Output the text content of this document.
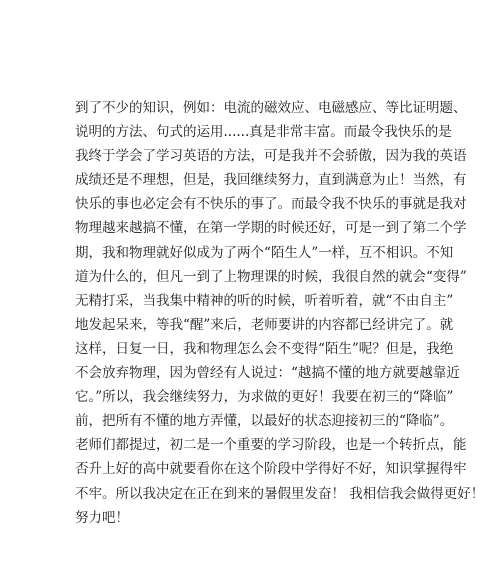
到了不少的知识，例如：电流的磁效应、电磁感应、等比证明题、
说明的方法、句式的运用......真是非常丰富。而最令我快乐的是
我终于学会了学习英语的方法，可是我并不会骄傲，因为我的英语
成绩还是不理想，但是，我回继续努力，直到满意为止！当然，有
快乐的事也必定会有不快乐的事了。而最令我不快乐的事就是我对
物理越来越搞不懂，在第一学期的时候还好，可是一到了第二个学
期，我和物理就好似成为了两个“陌生人”一样，互不相识。不知
道为什么的，但凡一到了上物理课的时候，我很自然的就会“变得”
无精打采，当我集中精神的听的时候，听着听着，就“不由自主”
地发起呆来，等我“醒”来后，老师要讲的内容都已经讲完了。就
这样，日复一日，我和物理怎么会不变得“陌生”呢？但是，我绝
不会放弃物理，因为曾经有人说过：“越搞不懂的地方就要越靠近
它。”所以，我会继续努力，为求做的更好！我要在初三的“降临”
前，把所有不懂的地方弄懂，以最好的状态迎接初三的“降临”。
老师们都提过，初二是一个重要的学习阶段，也是一个转折点，能
否升上好的高中就要看你在这个阶段中学得好不好，知识掌握得牢
不牢。所以我决定在正在到来的暑假里发奋！ 我相信我会做得更好！
努力吧！
